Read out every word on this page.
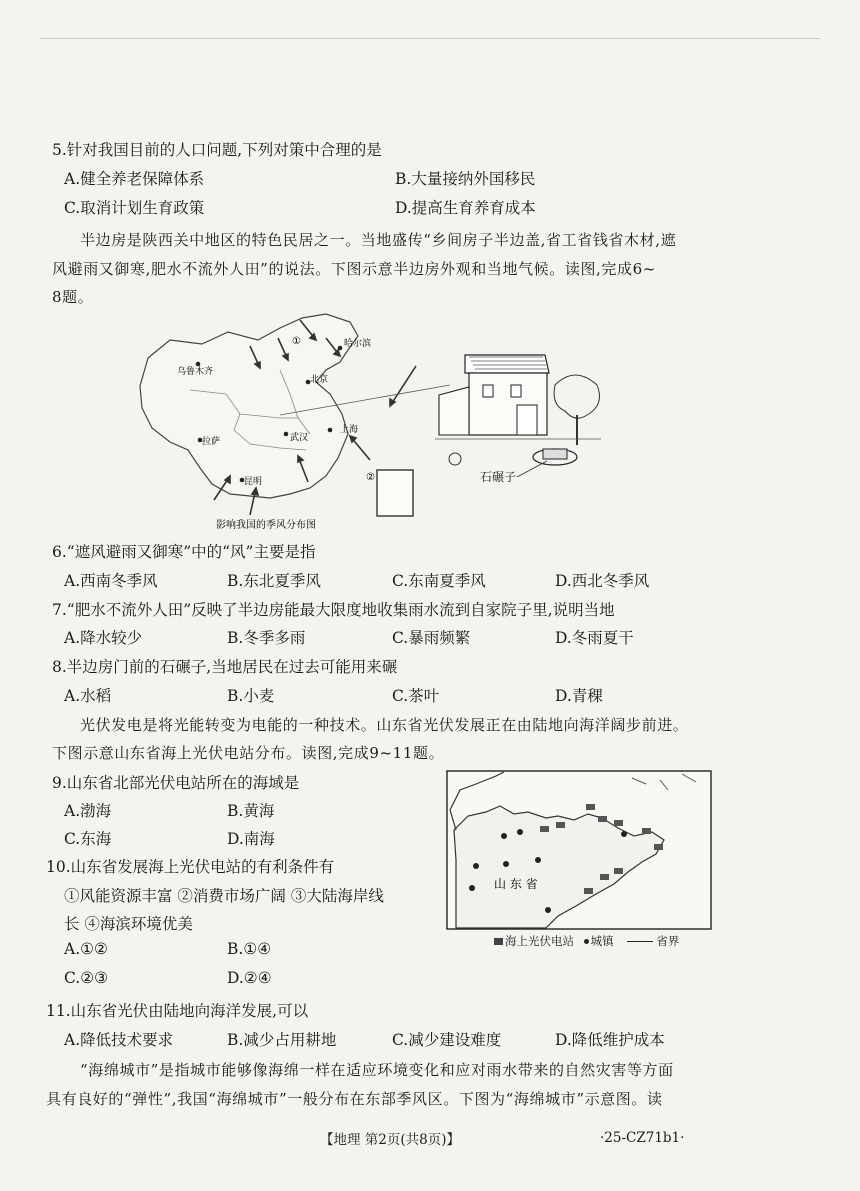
5.针对我国目前的人口问题,下列对策中合理的是
A.健全养老保障体系	B.大量接纳外国移民
C.取消计划生育政策	D.提高生育养育成本
半边房是陕西关中地区的特色民居之一。当地盛传“乡间房子半边盖,省工省钱省木材,遮
风避雨又御寒,肥水不流外人田”的说法。下图示意半边房外观和当地气候。读图,完成6~
8题。
乌鲁木齐
哈尔滨
北京
上海
拉萨
昆明
武汉
①
②
影响我国的季风分布图
石碾子
6.“遮风避雨又御寒”中的“风”主要是指
A.西南冬季风	B.东北夏季风	C.东南夏季风	D.西北冬季风
7.“肥水不流外人田”反映了半边房能最大限度地收集雨水流到自家院子里,说明当地
A.降水较少	B.冬季多雨	C.暴雨频繁	D.冬雨夏干
8.半边房门前的石碾子,当地居民在过去可能用来碾
A.水稻	B.小麦	C.茶叶	D.青稞
光伏发电是将光能转变为电能的一种技术。山东省光伏发展正在由陆地向海洋阔步前进。
下图示意山东省海上光伏电站分布。读图,完成9~11题。
9.山东省北部光伏电站所在的海域是
A.渤海	B.黄海
C.东海	D.南海
10.山东省发展海上光伏电站的有利条件有
①风能资源丰富 ②消费市场广阔 ③大陆海岸线
长 ④海滨环境优美
A.①②	B.①④
C.②③	D.②④
山 东 省
海上光伏电站 城镇	省界
11.山东省光伏由陆地向海洋发展,可以
A.降低技术要求	B.减少占用耕地	C.减少建设难度	D.降低维护成本
“海绵城市”是指城市能够像海绵一样在适应环境变化和应对雨水带来的自然灾害等方面
具有良好的“弹性”,我国“海绵城市”一般分布在东部季风区。下图为“海绵城市”示意图。读
【地理 第2页(共8页)】	·25-CZ71b1·
